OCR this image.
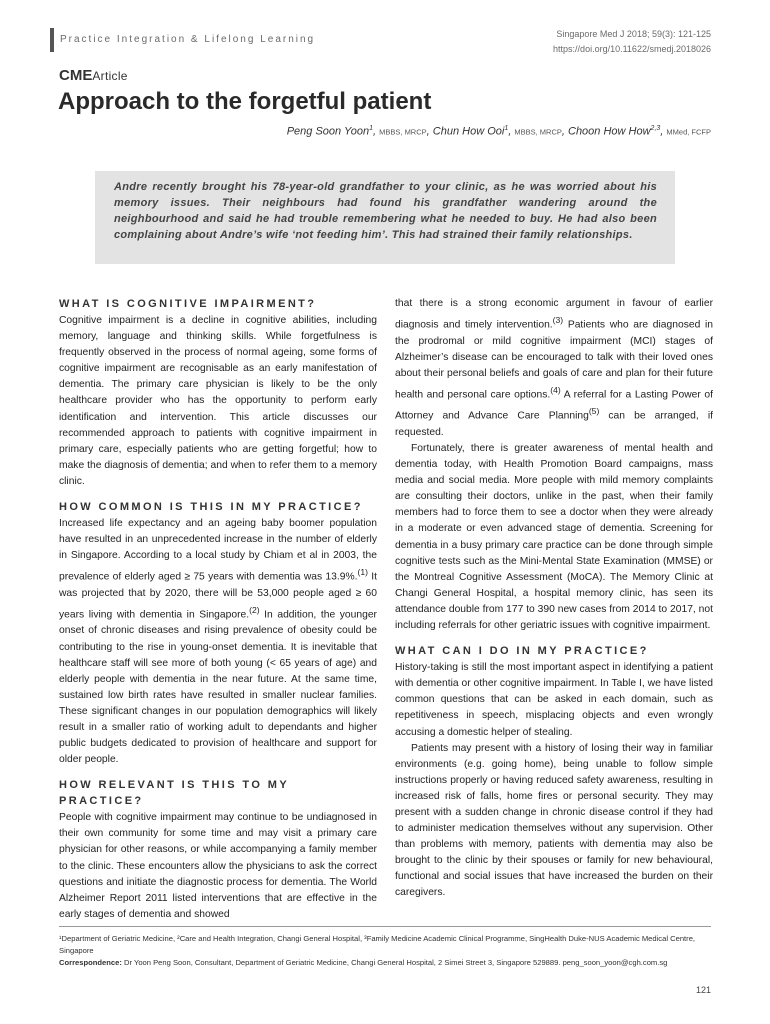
Practice Integration & Lifelong Learning	Singapore Med J 2018; 59(3): 121-125
https://doi.org/10.11622/smedj.2018026
CMEArticle
Approach to the forgetful patient
Peng Soon Yoon$^1$, MBBS, MRCP, Chun How Ooi$^1$, MBBS, MRCP, Choon How How$^{2,3}$, MMed, FCFP

Andre recently brought his 78-year-old grandfather to your clinic, as he was worried about his memory issues. Their neighbours had found his grandfather wandering around the neighbourhood and said he had trouble remembering what he needed to buy. He had also been complaining about Andre’s wife ‘not feeding him’. This had strained their family relationships.

WHAT IS COGNITIVE IMPAIRMENT?

Cognitive impairment is a decline in cognitive abilities, including memory, language and thinking skills. While forgetfulness is frequently observed in the process of normal ageing, some forms of cognitive impairment are recognisable as an early manifestation of dementia. The primary care physician is likely to be the only healthcare provider who has the opportunity to perform early identification and intervention. This article discusses our recommended approach to patients with cognitive impairment in primary care, especially patients who are getting forgetful; how to make the diagnosis of dementia; and when to refer them to a memory clinic.

HOW COMMON IS THIS IN MY PRACTICE?

Increased life expectancy and an ageing baby boomer population have resulted in an unprecedented increase in the number of elderly in Singapore. According to a local study by Chiam et al in 2003, the prevalence of elderly aged ≥ 75 years with dementia was 13.9%.$^{(1)}$ It was projected that by 2020, there will be 53,000 people aged ≥ 60 years living with dementia in Singapore.$^{(2)}$ In addition, the younger onset of chronic diseases and rising prevalence of obesity could be contributing to the rise in young-onset dementia. It is inevitable that healthcare staff will see more of both young (< 65 years of age) and elderly people with dementia in the near future. At the same time, sustained low birth rates have resulted in smaller nuclear families. These significant changes in our population demographics will likely result in a smaller ratio of working adult to dependants and higher public budgets dedicated to provision of healthcare and support for older people.

HOW RELEVANT IS THIS TO MY PRACTICE?

People with cognitive impairment may continue to be undiagnosed in their own community for some time and may visit a primary care physician for other reasons, or while accompanying a family member to the clinic. These encounters allow the physicians to ask the correct questions and initiate the diagnostic process for dementia. The World Alzheimer Report 2011 listed interventions that are effective in the early stages of dementia and showed

that there is a strong economic argument in favour of earlier diagnosis and timely intervention.$^{(3)}$ Patients who are diagnosed in the prodromal or mild cognitive impairment (MCI) stages of Alzheimer’s disease can be encouraged to talk with their loved ones about their personal beliefs and goals of care and plan for their future health and personal care options.$^{(4)}$ A referral for a Lasting Power of Attorney and Advance Care Planning$^{(5)}$ can be arranged, if requested.

Fortunately, there is greater awareness of mental health and dementia today, with Health Promotion Board campaigns, mass media and social media. More people with mild memory complaints are consulting their doctors, unlike in the past, when their family members had to force them to see a doctor when they were already in a moderate or even advanced stage of dementia. Screening for dementia in a busy primary care practice can be done through simple cognitive tests such as the Mini-Mental State Examination (MMSE) or the Montreal Cognitive Assessment (MoCA). The Memory Clinic at Changi General Hospital, a hospital memory clinic, has seen its attendance double from 177 to 390 new cases from 2014 to 2017, not including referrals for other geriatric issues with cognitive impairment.

WHAT CAN I DO IN MY PRACTICE?

History-taking is still the most important aspect in identifying a patient with dementia or other cognitive impairment. In Table I, we have listed common questions that can be asked in each domain, such as repetitiveness in speech, misplacing objects and even wrongly accusing a domestic helper of stealing.

Patients may present with a history of losing their way in familiar environments (e.g. going home), being unable to follow simple instructions properly or having reduced safety awareness, resulting in increased risk of falls, home fires or personal security. They may present with a sudden change in chronic disease control if they had to administer medication themselves without any supervision. Other than problems with memory, patients with dementia may also be brought to the clinic by their spouses or family for new behavioural, functional and social issues that have increased the burden on their caregivers.

¹Department of Geriatric Medicine, ²Care and Health Integration, Changi General Hospital, ³Family Medicine Academic Clinical Programme, SingHealth Duke-NUS Academic Medical Centre, Singapore

Correspondence: Dr Yoon Peng Soon, Consultant, Department of Geriatric Medicine, Changi General Hospital, 2 Simei Street 3, Singapore 529889. peng_soon_yoon@cgh.com.sg

121
